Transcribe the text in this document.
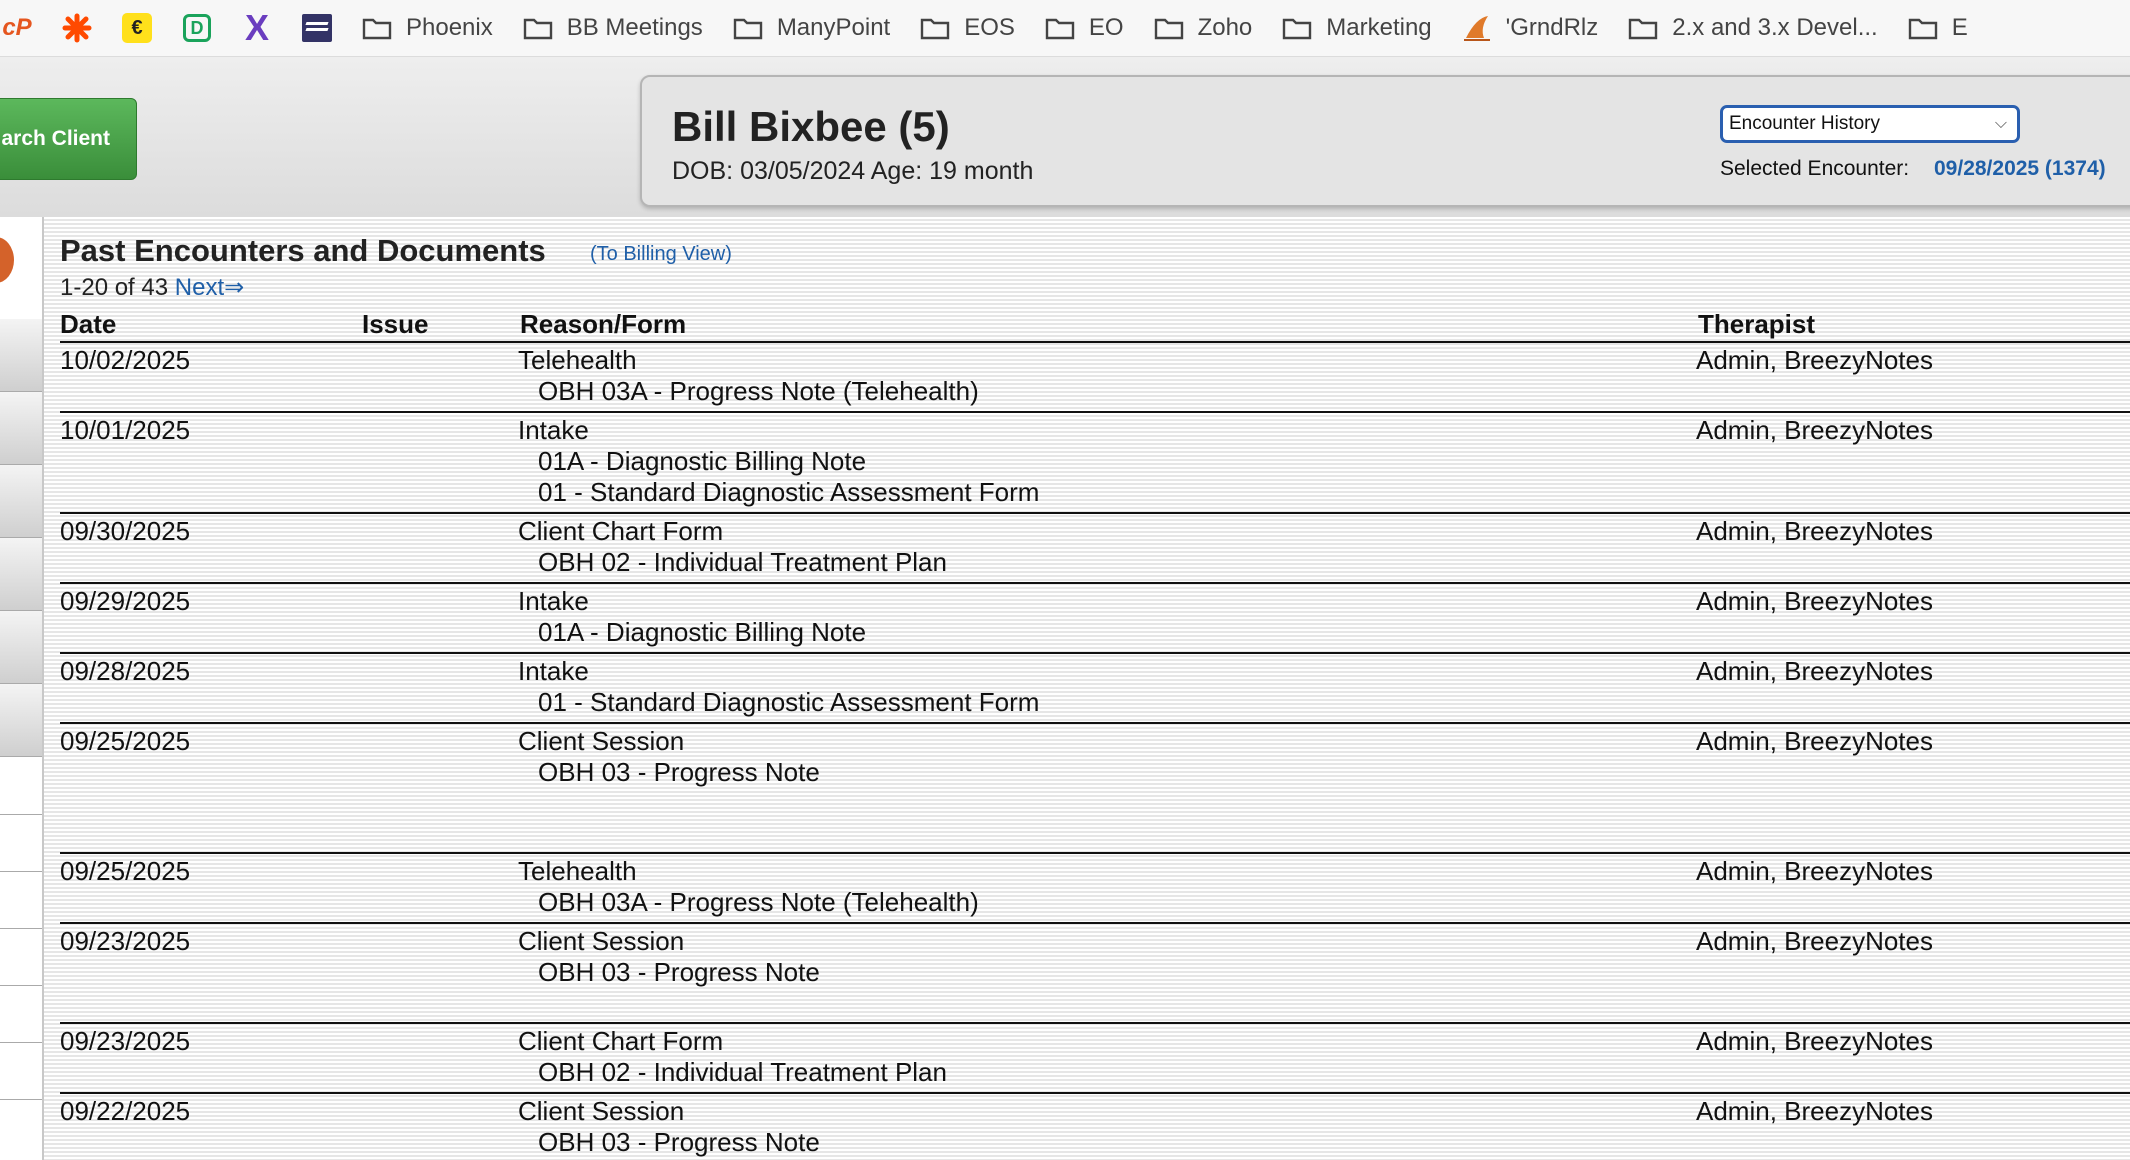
cP	€	D X	Phoenix	BB Meetings	ManyPoint	EOS	EO	Zoho	Marketing	'GrndRlz	2.x and 3.x Devel...	E
arch Client	Bill Bixbee (5)
DOB: 03/05/2024 Age: 19 month
Encounter History	⌵
Selected Encounter: 09/28/2025 (1374)
Past Encounters and Documents (To Billing View)
1-20 of 43 Next⇒
Date	Issue	Reason/Form	Therapist
10/02/2025	Telehealth	Admin, BreezyNotes
OBH 03A - Progress Note (Telehealth)
10/01/2025	Intake	Admin, BreezyNotes
01A - Diagnostic Billing Note
01 - Standard Diagnostic Assessment Form
09/30/2025	Client Chart Form	Admin, BreezyNotes
OBH 02 - Individual Treatment Plan
09/29/2025	Intake	Admin, BreezyNotes
01A - Diagnostic Billing Note
09/28/2025	Intake	Admin, BreezyNotes
01 - Standard Diagnostic Assessment Form
09/25/2025	Client Session	Admin, BreezyNotes
OBH 03 - Progress Note
09/25/2025	Telehealth	Admin, BreezyNotes
OBH 03A - Progress Note (Telehealth)
09/23/2025	Client Session	Admin, BreezyNotes
OBH 03 - Progress Note
09/23/2025	Client Chart Form	Admin, BreezyNotes
OBH 02 - Individual Treatment Plan
09/22/2025	Client Session	Admin, BreezyNotes
OBH 03 - Progress Note
